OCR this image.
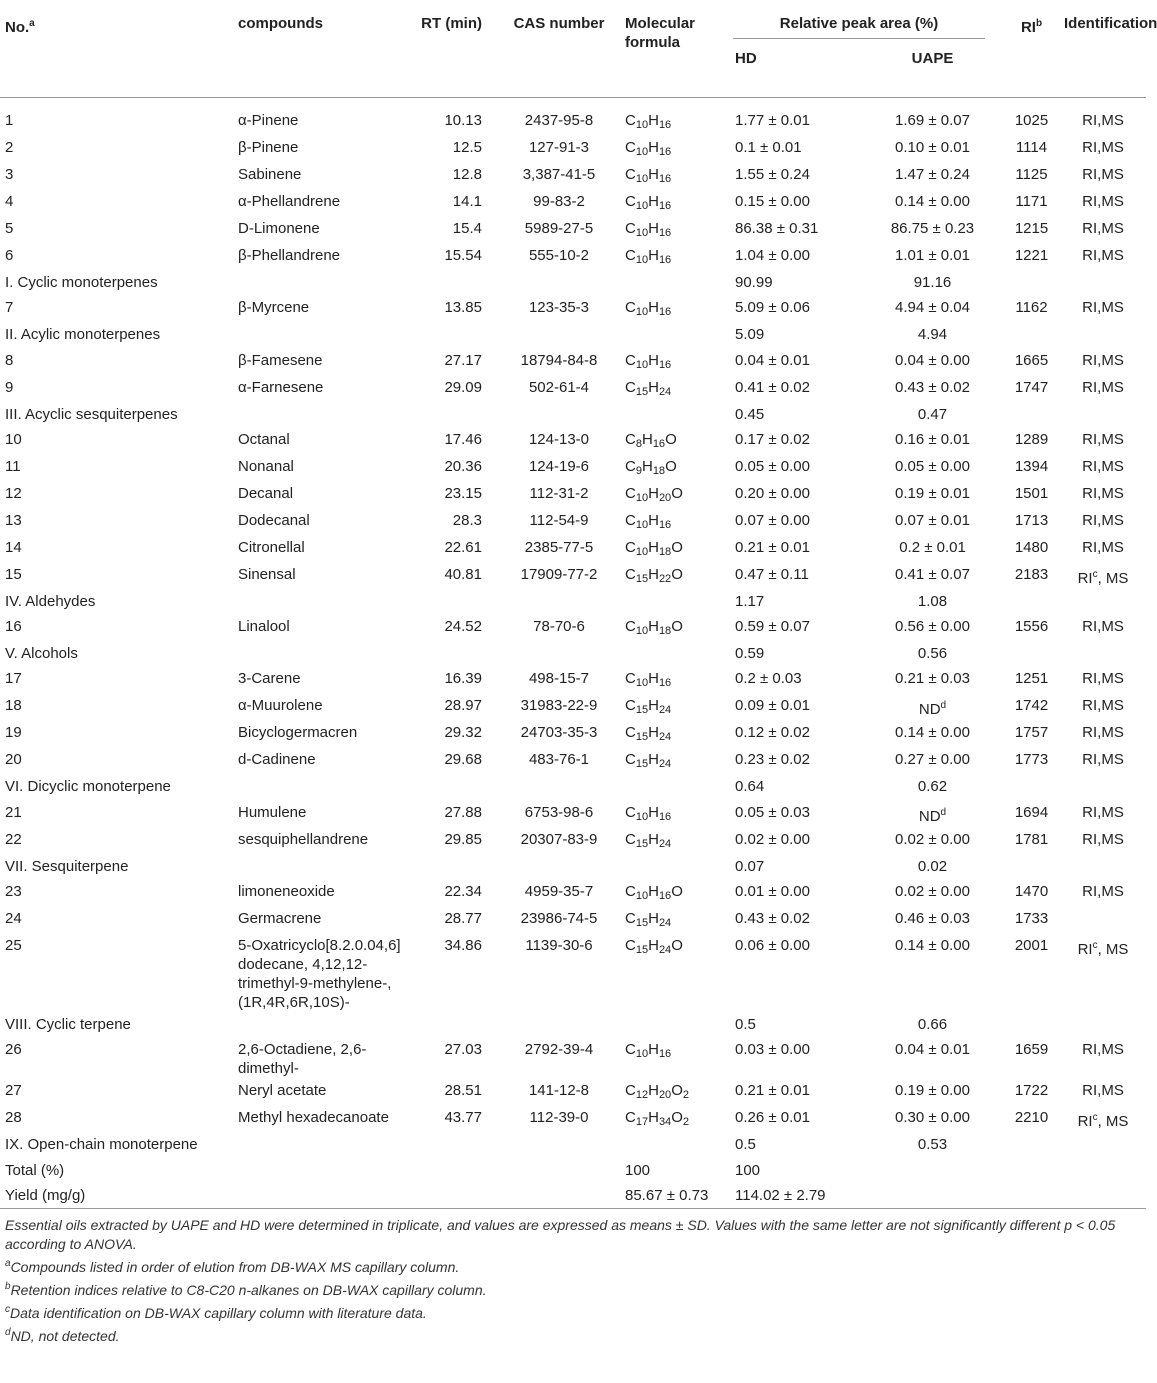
No.$^a$	compounds	RT (min)	CAS number	Molecular formula	Relative peak area (%)		$RI^b$	Identification
					HD	UAPE		
1	α-Pinene	10.13	2437-95-8	$C_{10}H_{16}$	1.77 ± 0.01	1.69 ± 0.07	1025	RI,MS
2	β-Pinene	12.5	127-91-3	$C_{10}H_{16}$	0.1 ± 0.01	0.10 ± 0.01	1114	RI,MS
3	Sabinene	12.8	3,387-41-5	$C_{10}H_{16}$	1.55 ± 0.24	1.47 ± 0.24	1125	RI,MS
4	α-Phellandrene	14.1	99-83-2	$C_{10}H_{16}$	0.15 ± 0.00	0.14 ± 0.00	1171	RI,MS
5	D-Limonene	15.4	5989-27-5	$C_{10}H_{16}$	86.38 ± 0.31	86.75 ± 0.23	1215	RI,MS
6	β-Phellandrene	15.54	555-10-2	$C_{10}H_{16}$	1.04 ± 0.00	1.01 ± 0.01	1221	RI,MS
I. Cyclic monoterpenes					90.99	91.16		
7	β-Myrcene	13.85	123-35-3	$C_{10}H_{16}$	5.09 ± 0.06	4.94 ± 0.04	1162	RI,MS
II. Acylic monoterpenes					5.09	4.94		
8	β-Famesene	27.17	18794-84-8	$C_{10}H_{16}$	0.04 ± 0.01	0.04 ± 0.00	1665	RI,MS
9	α-Farnesene	29.09	502-61-4	$C_{15}H_{24}$	0.41 ± 0.02	0.43 ± 0.02	1747	RI,MS
III. Acyclic sesquiterpenes					0.45	0.47		
10	Octanal	17.46	124-13-0	$C_8H_{16}O$	0.17 ± 0.02	0.16 ± 0.01	1289	RI,MS
11	Nonanal	20.36	124-19-6	$C_9H_{18}O$	0.05 ± 0.00	0.05 ± 0.00	1394	RI,MS
12	Decanal	23.15	112-31-2	$C_{10}H_{20}O$	0.20 ± 0.00	0.19 ± 0.01	1501	RI,MS
13	Dodecanal	28.3	112-54-9	$C_{10}H_{16}$	0.07 ± 0.00	0.07 ± 0.01	1713	RI,MS
14	Citronellal	22.61	2385-77-5	$C_{10}H_{18}O$	0.21 ± 0.01	0.2 ± 0.01	1480	RI,MS
15	Sinensal	40.81	17909-77-2	$C_{15}H_{22}O$	0.47 ± 0.11	0.41 ± 0.07	2183	$RI^c$, MS
IV. Aldehydes					1.17	1.08		
16	Linalool	24.52	78-70-6	$C_{10}H_{18}O$	0.59 ± 0.07	0.56 ± 0.00	1556	RI,MS
V. Alcohols					0.59	0.56		
17	3-Carene	16.39	498-15-7	$C_{10}H_{16}$	0.2 ± 0.03	0.21 ± 0.03	1251	RI,MS
18	α-Muurolene	28.97	31983-22-9	$C_{15}H_{24}$	0.09 ± 0.01	$ND^d$	1742	RI,MS
19	Bicyclogermacren	29.32	24703-35-3	$C_{15}H_{24}$	0.12 ± 0.02	0.14 ± 0.00	1757	RI,MS
20	d-Cadinene	29.68	483-76-1	$C_{15}H_{24}$	0.23 ± 0.02	0.27 ± 0.00	1773	RI,MS
VI. Dicyclic monoterpene					0.64	0.62		
21	Humulene	27.88	6753-98-6	$C_{10}H_{16}$	0.05 ± 0.03	$ND^d$	1694	RI,MS
22	sesquiphellandrene	29.85	20307-83-9	$C_{15}H_{24}$	0.02 ± 0.00	0.02 ± 0.00	1781	RI,MS
VII. Sesquiterpene					0.07	0.02		
23	limoneneoxide	22.34	4959-35-7	$C_{10}H_{16}O$	0.01 ± 0.00	0.02 ± 0.00	1470	RI,MS
24	Germacrene	28.77	23986-74-5	$C_{15}H_{24}$	0.43 ± 0.02	0.46 ± 0.03	1733	
25	5-Oxatricyclo[8.2.0.04,6] dodecane, 4,12,12-trimethyl-9-methylene-, (1R,4R,6R,10S)-	34.86	1139-30-6	$C_{15}H_{24}O$	0.06 ± 0.00	0.14 ± 0.00	2001	$RI^c$, MS
VIII. Cyclic terpene					0.5	0.66		
26	2,6-Octadiene, 2,6-dimethyl-	27.03	2792-39-4	$C_{10}H_{16}$	0.03 ± 0.00	0.04 ± 0.01	1659	RI,MS
27	Neryl acetate	28.51	141-12-8	$C_{12}H_{20}O_2$	0.21 ± 0.01	0.19 ± 0.00	1722	RI,MS
28	Methyl hexadecanoate	43.77	112-39-0	$C_{17}H_{34}O_2$	0.26 ± 0.01	0.30 ± 0.00	2210	$RI^c$, MS
IX. Open-chain monoterpene					0.5	0.53		
Total (%)				100	100			
Yield (mg/g)				85.67 ± 0.73	114.02 ± 2.79			

Essential oils extracted by UAPE and HD were determined in triplicate, and values are expressed as means ± SD. Values with the same letter are not significantly different p < 0.05 according to ANOVA.

$^a$Compounds listed in order of elution from DB-WAX MS capillary column.

$^b$Retention indices relative to C8-C20 n-alkanes on DB-WAX capillary column.

$^c$Data identification on DB-WAX capillary column with literature data.

$^d$ND, not detected.
